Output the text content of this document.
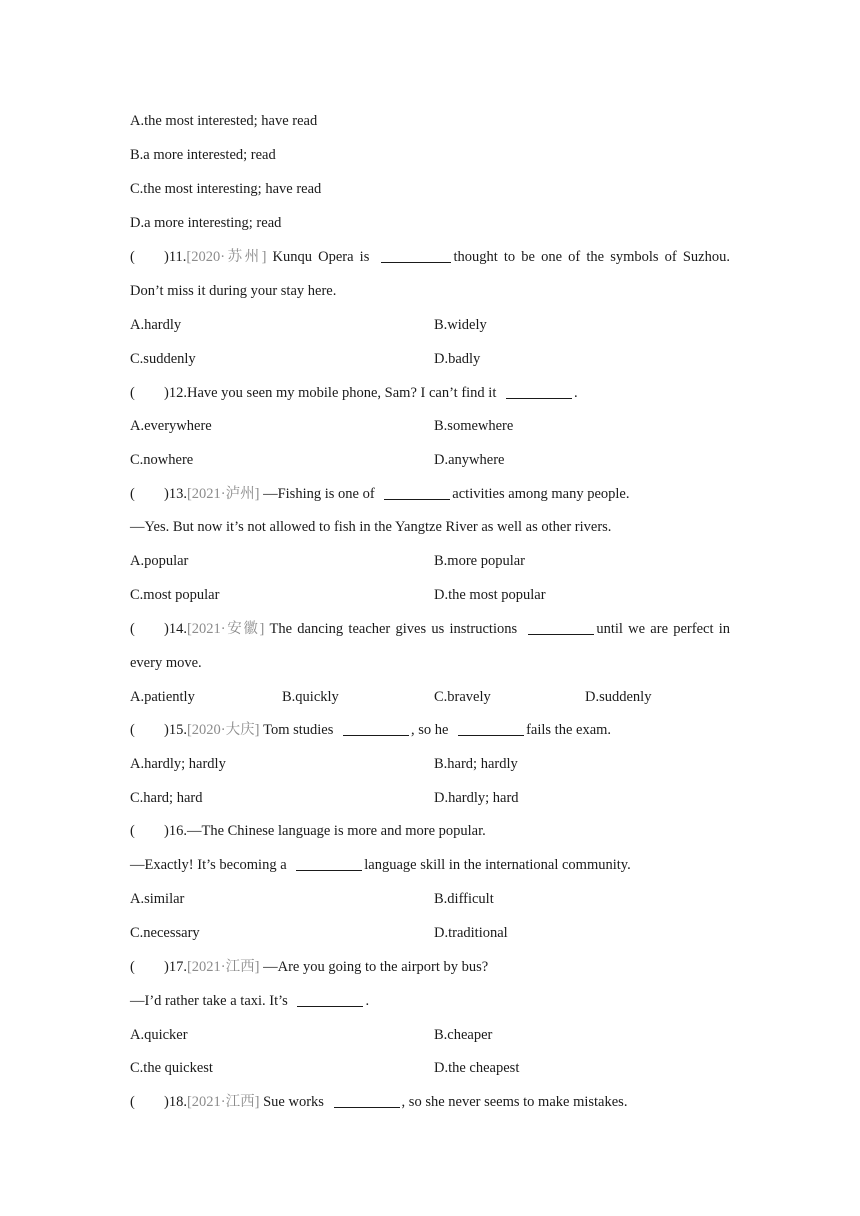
A.the most interested; have read
B.a more interested; read
C.the most interesting; have read
D.a more interesting; read
( )11.[2020·苏州] Kunqu Opera is	thought to be one of the symbols of Suzhou.
Don’t miss it during your stay here.
A.hardly	B.widely
C.suddenly	D.badly
( )12.Have you seen my mobile phone, Sam? I can’t find it	.
A.everywhere	B.somewhere
C.nowhere	D.anywhere
( )13.[2021·泸州] —Fishing is one of	activities among many people.
—Yes. But now it’s not allowed to fish in the Yangtze River as well as other rivers.
A.popular	B.more popular
C.most popular	D.the most popular
( )14.[2021·安徽] The dancing teacher gives us instructions	until we are perfect in
every move.
A.patiently	B.quickly	C.bravely	D.suddenly
( )15.[2020·大庆] Tom studies	, so he	fails the exam.
A.hardly; hardly	B.hard; hardly
C.hard; hard	D.hardly; hard
( )16.—The Chinese language is more and more popular.
—Exactly! It’s becoming a	language skill in the international community.
A.similar	B.difficult
C.necessary	D.traditional
( )17.[2021·江西] —Are you going to the airport by bus?
—I’d rather take a taxi. It’s	.
A.quicker	B.cheaper
C.the quickest	D.the cheapest
( )18.[2021·江西] Sue works	, so she never seems to make mistakes.
